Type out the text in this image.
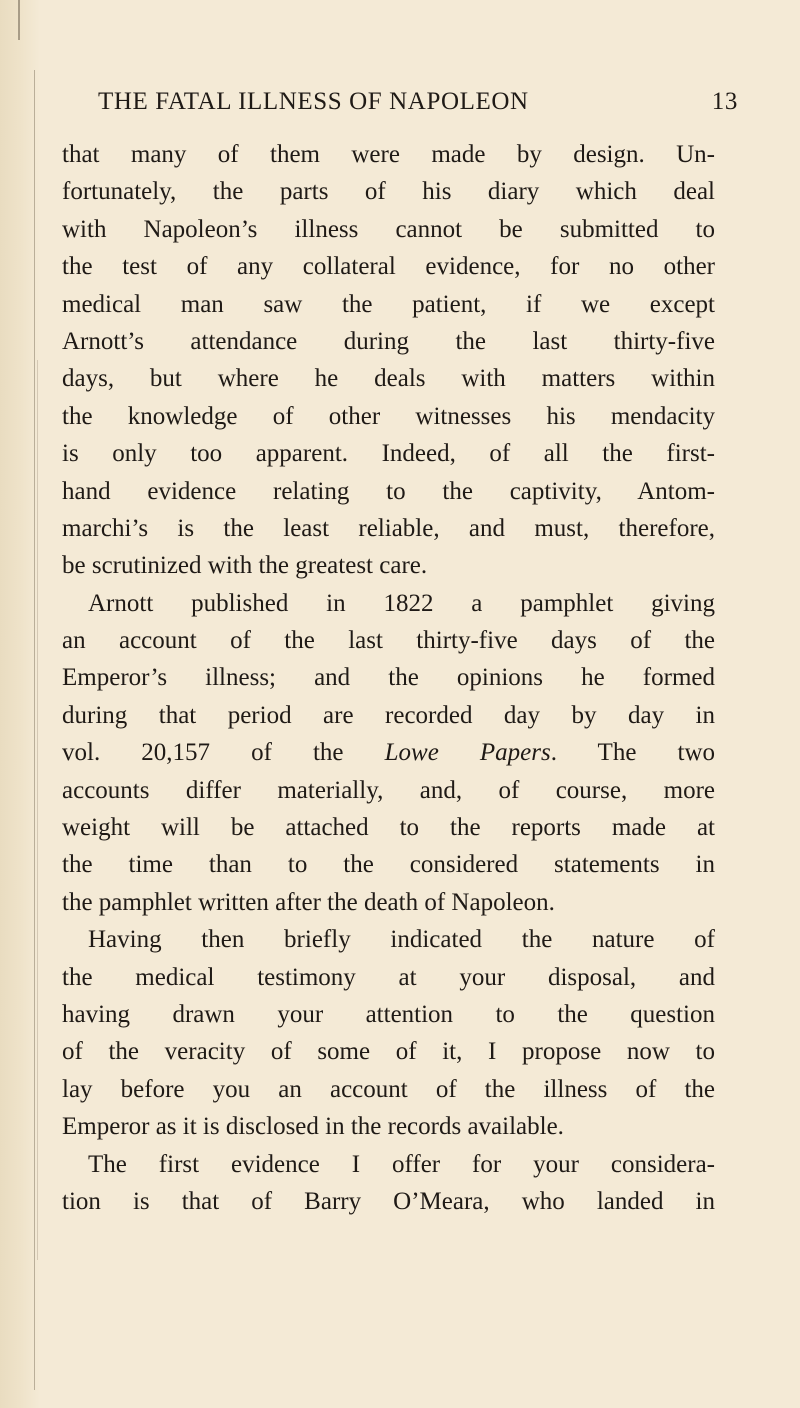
THE FATAL ILLNESS OF NAPOLEON	13
that many of them were made by design. Un-
fortunately, the parts of his diary which deal
with Napoleon’s illness cannot be submitted to
the test of any collateral evidence, for no other
medical man saw the patient, if we except
Arnott’s attendance during the last thirty-five
days, but where he deals with matters within
the knowledge of other witnesses his mendacity
is only too apparent. Indeed, of all the first-
hand evidence relating to the captivity, Antom-
marchi’s is the least reliable, and must, therefore,
be scrutinized with the greatest care.
Arnott published in 1822 a pamphlet giving
an account of the last thirty-five days of the
Emperor’s illness; and the opinions he formed
during that period are recorded day by day in
vol. 20,157 of the Lowe Papers. The two
accounts differ materially, and, of course, more
weight will be attached to the reports made at
the time than to the considered statements in
the pamphlet written after the death of Napoleon.
Having then briefly indicated the nature of
the medical testimony at your disposal, and
having drawn your attention to the question
of the veracity of some of it, I propose now to
lay before you an account of the illness of the
Emperor as it is disclosed in the records available.
The first evidence I offer for your considera-
tion is that of Barry O’Meara, who landed in
